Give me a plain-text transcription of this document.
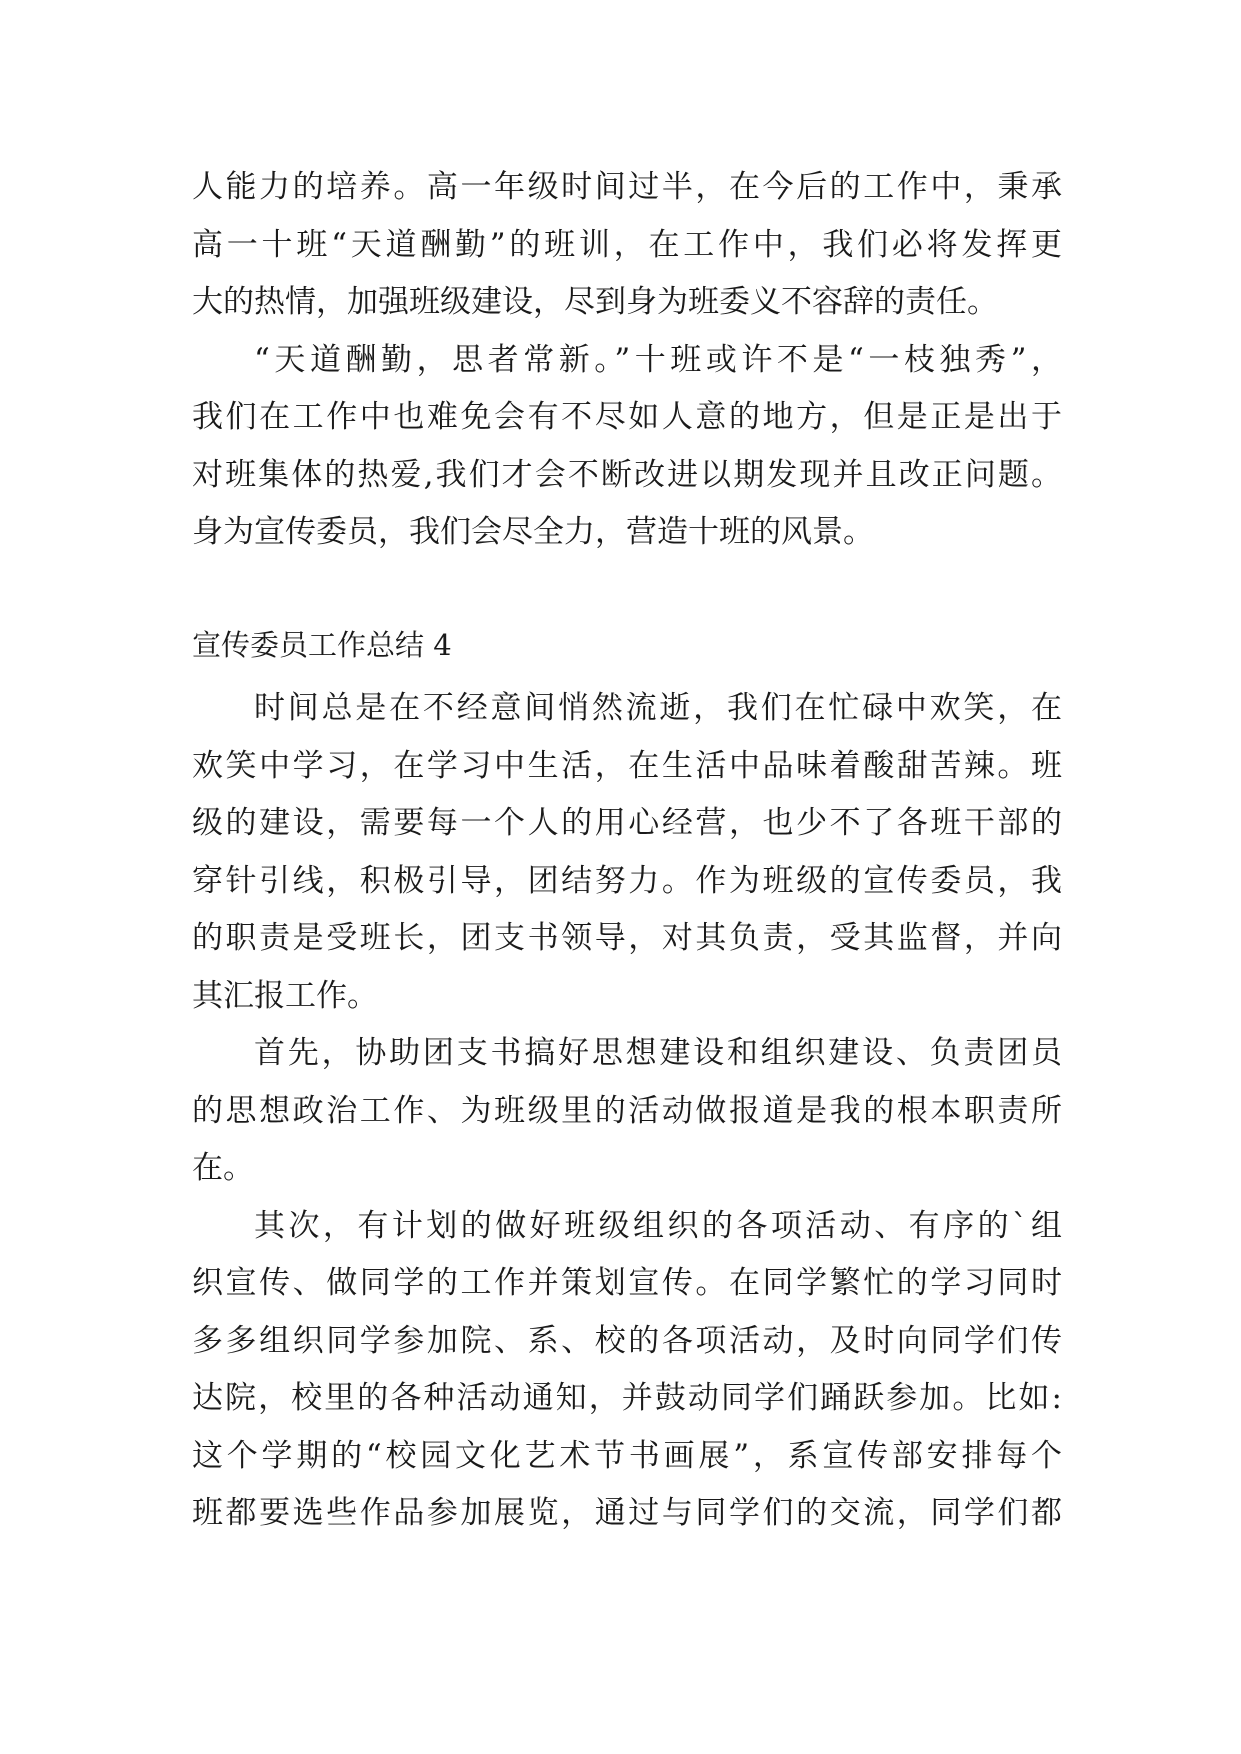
人能力的培养。高一年级时间过半，在今后的工作中，秉承
高一十班“天道酬勤”的班训，在工作中，我们必将发挥更
大的热情，加强班级建设，尽到身为班委义不容辞的责任。
“天道酬勤，思者常新。”十班或许不是“一枝独秀”，
我们在工作中也难免会有不尽如人意的地方，但是正是出于
对班集体的热爱,我们才会不断改进以期发现并且改正问题。
身为宣传委员，我们会尽全力，营造十班的风景。
宣传委员工作总结 4
时间总是在不经意间悄然流逝，我们在忙碌中欢笑，在
欢笑中学习，在学习中生活，在生活中品味着酸甜苦辣。班
级的建设，需要每一个人的用心经营，也少不了各班干部的
穿针引线，积极引导，团结努力。作为班级的宣传委员，我
的职责是受班长，团支书领导，对其负责，受其监督，并向
其汇报工作。
首先，协助团支书搞好思想建设和组织建设、负责团员
的思想政治工作、为班级里的活动做报道是我的根本职责所
在。
其次，有计划的做好班级组织的各项活动、有序的`组
织宣传、做同学的工作并策划宣传。在同学繁忙的学习同时
多多组织同学参加院、系、校的各项活动，及时向同学们传
达院，校里的各种活动通知，并鼓动同学们踊跃参加。比如:
这个学期的“校园文化艺术节书画展”，系宣传部安排每个
班都要选些作品参加展览，通过与同学们的交流，同学们都
